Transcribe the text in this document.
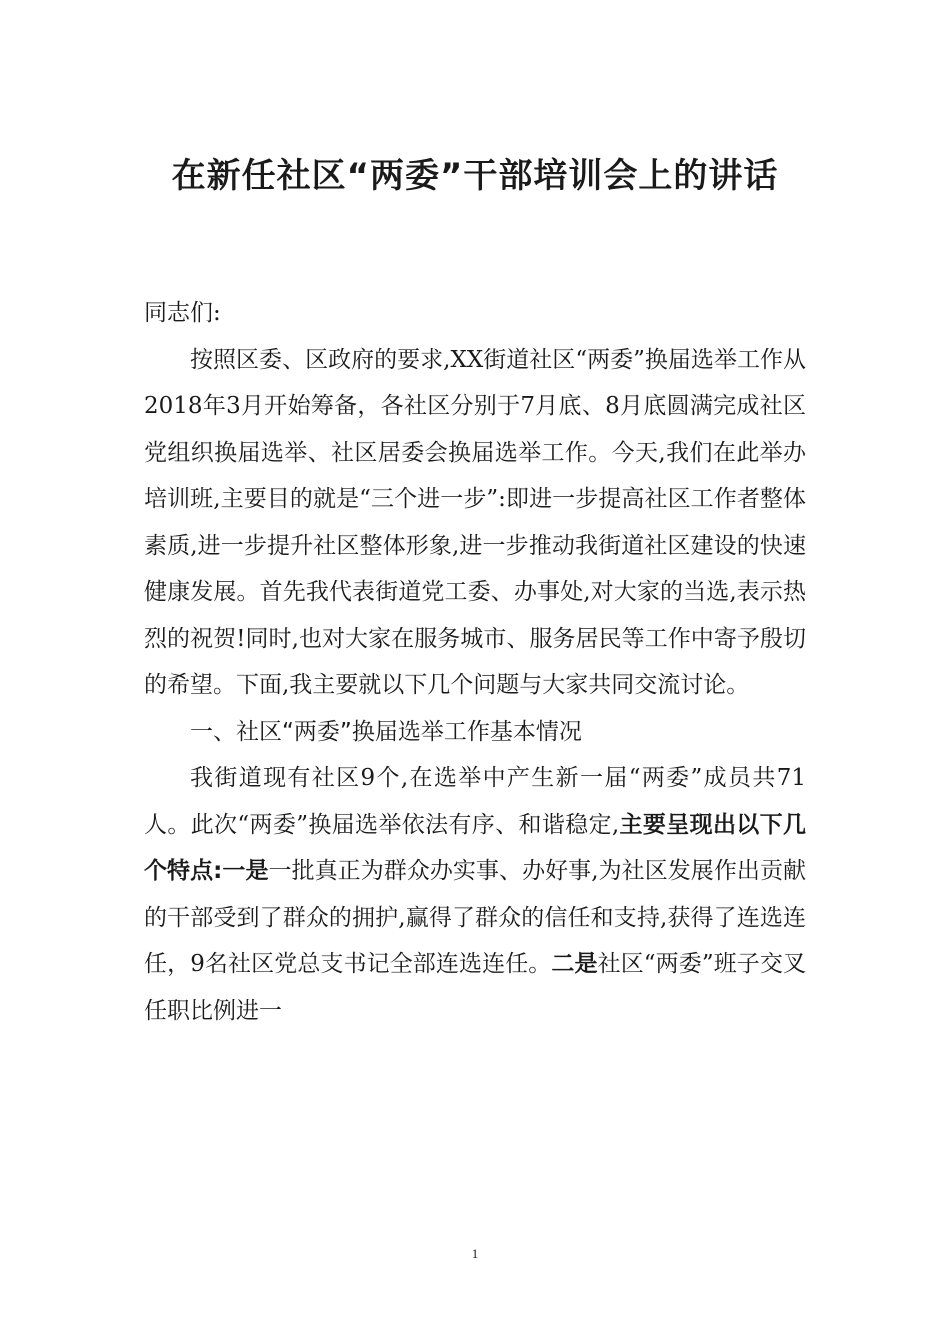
在新任社区“两委”干部培训会上的讲话

同志们:

按照区委、区政府的要求,XX街道社区“两委”换届选举工作从2018年3月开始筹备，各社区分别于7月底、8月底圆满完成社区党组织换届选举、社区居委会换届选举工作。今天,我们在此举办培训班,主要目的就是“三个进一步”:即进一步提高社区工作者整体素质,进一步提升社区整体形象,进一步推动我街道社区建设的快速健康发展。首先我代表街道党工委、办事处,对大家的当选,表示热烈的祝贺!同时,也对大家在服务城市、服务居民等工作中寄予殷切的希望。下面,我主要就以下几个问题与大家共同交流讨论。

一、社区“两委”换届选举工作基本情况

我街道现有社区9个,在选举中产生新一届“两委”成员共71人。此次“两委”换届选举依法有序、和谐稳定,主要呈现出以下几个特点:一是一批真正为群众办实事、办好事,为社区发展作出贡献的干部受到了群众的拥护,赢得了群众的信任和支持,获得了连选连任，9名社区党总支书记全部连选连任。二是社区“两委”班子交叉任职比例进一

1
